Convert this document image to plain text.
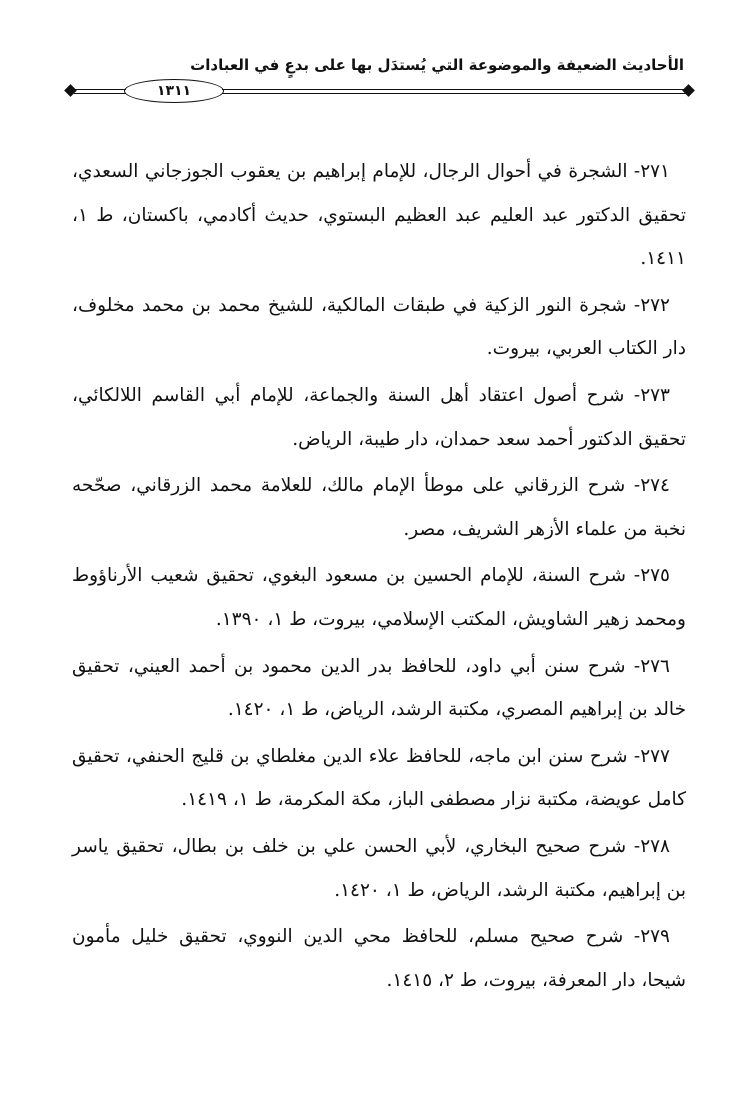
الأحاديث الضعيفة والموضوعة التي يُستدَل بها على بدعٍ في العبادات
١٣١١

٢٧١- الشجرة في أحوال الرجال، للإمام إبراهيم بن يعقوب الجوزجاني السعدي، تحقيق الدكتور عبد العليم عبد العظيم البستوي، حديث أكادمي، باكستان، ط ١، ١٤١١.

٢٧٢- شجرة النور الزكية في طبقات المالكية، للشيخ محمد بن محمد مخلوف، دار الكتاب العربي، بيروت.

٢٧٣- شرح أصول اعتقاد أهل السنة والجماعة، للإمام أبي القاسم اللالكائي، تحقيق الدكتور أحمد سعد حمدان، دار طيبة، الرياض.

٢٧٤- شرح الزرقاني على موطأ الإمام مالك، للعلامة محمد الزرقاني، صحّحه نخبة من علماء الأزهر الشريف، مصر.

٢٧٥- شرح السنة، للإمام الحسين بن مسعود البغوي، تحقيق شعيب الأرناؤوط ومحمد زهير الشاويش، المكتب الإسلامي، بيروت، ط ١، ١٣٩٠.

٢٧٦- شرح سنن أبي داود، للحافظ بدر الدين محمود بن أحمد العيني، تحقيق خالد بن إبراهيم المصري، مكتبة الرشد، الرياض، ط ١، ١٤٢٠.

٢٧٧- شرح سنن ابن ماجه، للحافظ علاء الدين مغلطاي بن قليج الحنفي، تحقيق كامل عويضة، مكتبة نزار مصطفى الباز، مكة المكرمة، ط ١، ١٤١٩.

٢٧٨- شرح صحيح البخاري، لأبي الحسن علي بن خلف بن بطال، تحقيق ياسر بن إبراهيم، مكتبة الرشد، الرياض، ط ١، ١٤٢٠.

٢٧٩- شرح صحيح مسلم، للحافظ محي الدين النووي، تحقيق خليل مأمون شيحا، دار المعرفة، بيروت، ط ٢، ١٤١٥.
